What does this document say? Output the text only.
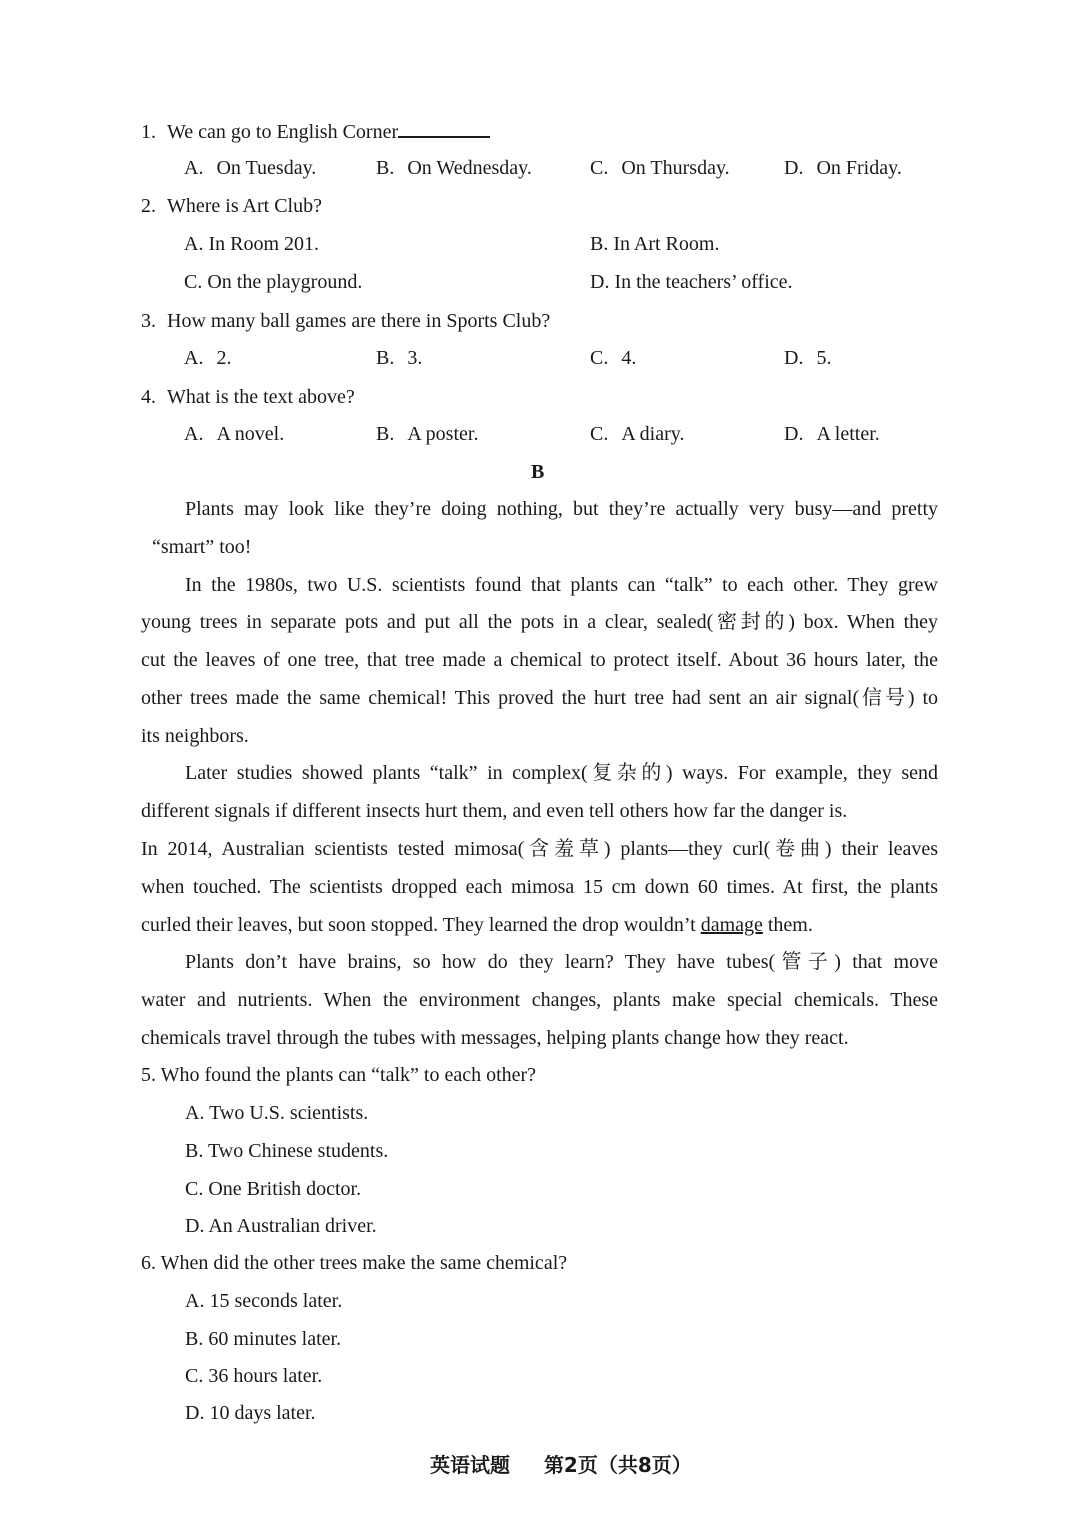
1. We can go to English Corner
A. On Tuesday.	B. On Wednesday.	C. On Thursday.	D. On Friday.
2. Where is Art Club?
A. In Room 201.	B. In Art Room.
C. On the playground.	D. In the teachers’ office.
3. How many ball games are there in Sports Club?
A. 2.	B. 3.	C. 4.	D. 5.
4. What is the text above?
A. A novel.	B. A poster.	C. A diary.	D. A letter.
B
Plants may look like they’re doing nothing, but they’re actually very busy—and pretty
“smart” too!
In the 1980s, two U.S. scientists found that plants can “talk” to each other. They grew
young trees in separate pots and put all the pots in a clear, sealed(密封的) box. When they
cut the leaves of one tree, that tree made a chemical to protect itself. About 36 hours later, the
other trees made the same chemical! This proved the hurt tree had sent an air signal(信号) to
its neighbors.
Later studies showed plants “talk” in complex(复杂的) ways. For example, they send
different signals if different insects hurt them, and even tell others how far the danger is.
In 2014, Australian scientists tested mimosa(含羞草) plants—they curl(卷曲) their leaves
when touched. The scientists dropped each mimosa 15 cm down 60 times. At first, the plants
curled their leaves, but soon stopped. They learned the drop wouldn’t damage them.
Plants don’t have brains, so how do they learn? They have tubes(管子) that move
water and nutrients. When the environment changes, plants make special chemicals. These
chemicals travel through the tubes with messages, helping plants change how they react.
5. Who found the plants can “talk” to each other?
A. Two U.S. scientists.
B. Two Chinese students.
C. One British doctor.
D. An Australian driver.
6. When did the other trees make the same chemical?
A. 15 seconds later.
B. 60 minutes later.
C. 36 hours later.
D. 10 days later.
英语试题 第2页（共8页）
